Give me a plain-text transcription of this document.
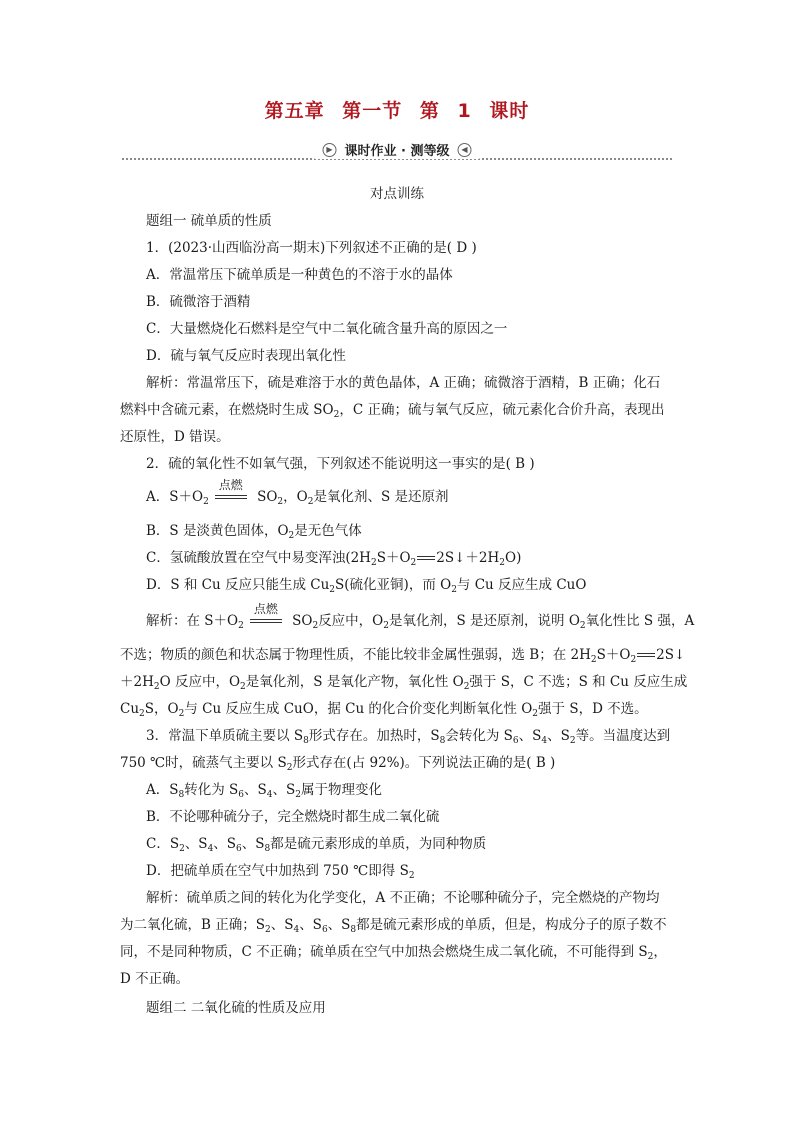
第五章 第一节 第 1 课时
▶ 课时作业 · 测等级	◀
对点训练
题组一 硫单质的性质
1．(2023·山西临汾高一期末)下列叙述不正确的是( D )
A．常温常压下硫单质是一种黄色的不溶于水的晶体
B．硫微溶于酒精
C．大量燃烧化石燃料是空气中二氧化硫含量升高的原因之一
D．硫与氧气反应时表现出氧化性
解析：常温常压下，硫是难溶于水的黄色晶体，A 正确；硫微溶于酒精，B 正确；化石
燃料中含硫元素，在燃烧时生成 $SO_2$，C 正确；硫与氧气反应，硫元素化合价升高，表现出
还原性，D 错误。
2．硫的氧化性不如氧气强，下列叙述不能说明这一事实的是( B )
A．$S+O_2$
点燃
$SO_2$，$O_2$是氧化剂、S 是还原剂
B．S 是淡黄色固体，$O_2$是无色气体
C．氢硫酸放置在空气中易变浑浊($2H_2S+O_2$ $2S↓+2H_2O$)
D．S 和 Cu 反应只能生成 $Cu_2S$(硫化亚铜)，而 $O_2$与 Cu 反应生成 CuO
解析：在 $S+O_2$
点燃
$SO_2$反应中，$O_2$是氧化剂，S 是还原剂，说明 $O_2$氧化性比 S 强，A
不选；物质的颜色和状态属于物理性质，不能比较非金属性强弱，选 B；在 $2H_2S+O_2$ 2S↓
$+2H_2O$ 反应中，$O_2$是氧化剂，S 是氧化产物，氧化性 $O_2$强于 S，C 不选；S 和 Cu 反应生成
$Cu_2S$，$O_2$与 Cu 反应生成 CuO，据 Cu 的化合价变化判断氧化性 $O_2$强于 S，D 不选。
3．常温下单质硫主要以 $S_8$形式存在。加热时，$S_8$会转化为 $S_6$、$S_4$、$S_2$等。当温度达到
750 ℃时，硫蒸气主要以 $S_2$形式存在(占 92%)。下列说法正确的是( B )
A．$S_8$转化为 $S_6$、$S_4$、$S_2$属于物理变化
B．不论哪种硫分子，完全燃烧时都生成二氧化硫
C．$S_2$、$S_4$、$S_6$、$S_8$都是硫元素形成的单质，为同种物质
D．把硫单质在空气中加热到 750 ℃即得 $S_2$
解析：硫单质之间的转化为化学变化，A 不正确；不论哪种硫分子，完全燃烧的产物均
为二氧化硫，B 正确；$S_2$、$S_4$、$S_6$、$S_8$都是硫元素形成的单质，但是，构成分子的原子数不
同，不是同种物质，C 不正确；硫单质在空气中加热会燃烧生成二氧化硫，不可能得到 $S_2$，
D 不正确。
题组二 二氧化硫的性质及应用
